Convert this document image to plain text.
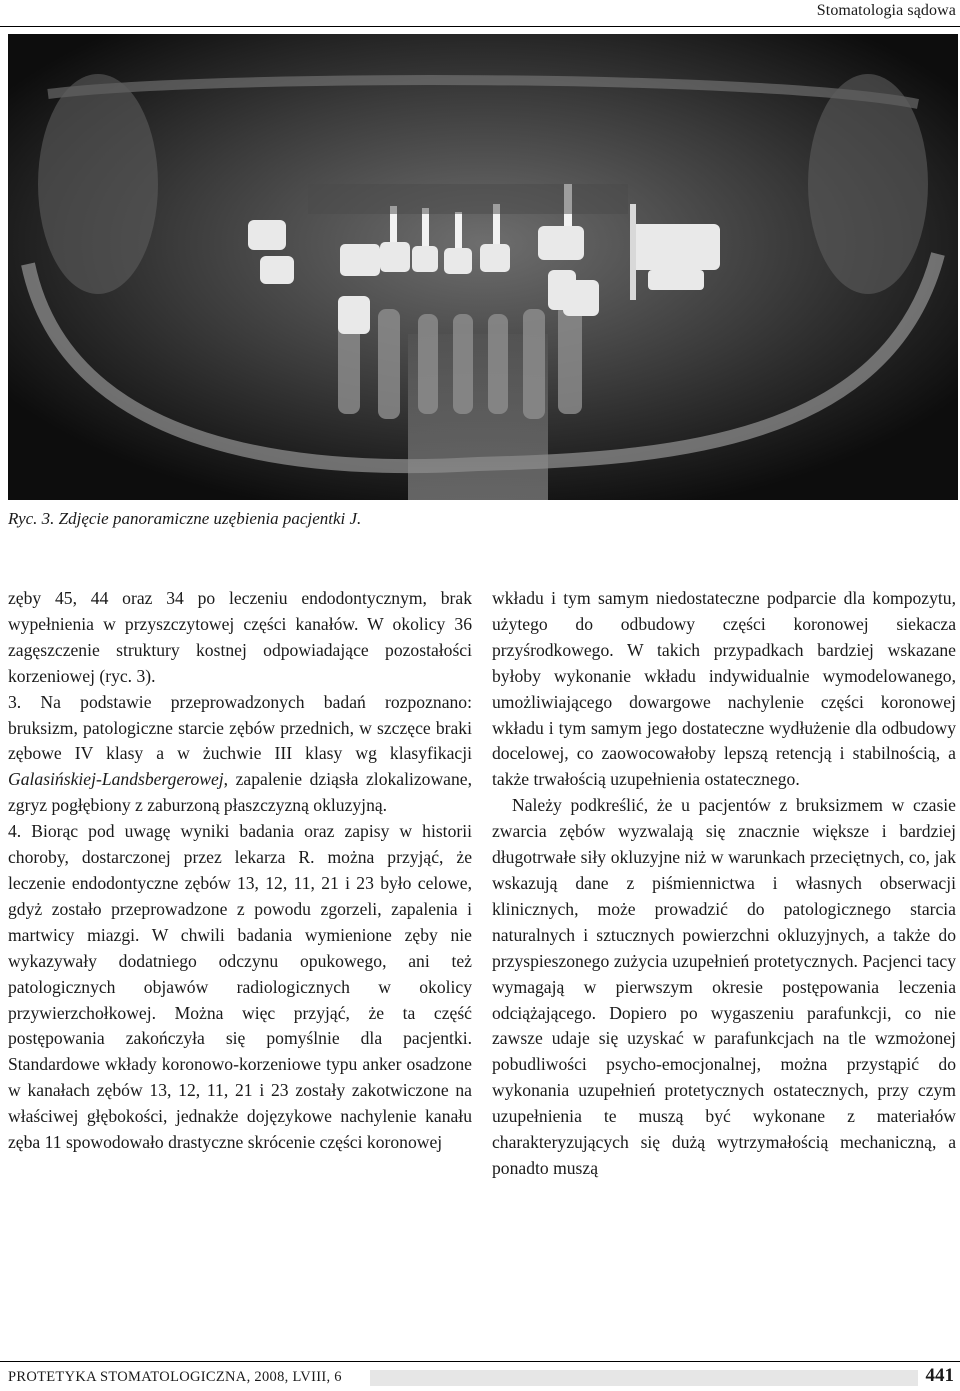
Stomatologia sądowa
Ryc. 3. Zdjęcie panoramiczne uzębienia pacjentki J.

zęby 45, 44 oraz 34 po leczeniu endodontycznym, brak wypełnienia w przyszczytowej części kanałów. W okolicy 36 zagęszczenie struktury kostnej odpowiadające pozostałości korzeniowej (ryc. 3).

3. Na podstawie przeprowadzonych badań rozpoznano: bruksizm, patologiczne starcie zębów przednich, w szczęce braki zębowe IV klasy a w żuchwie III klasy wg klasyfikacji Galasińskiej-Landsbergerowej, zapalenie dziąsła zlokalizowane, zgryz pogłębiony z zaburzoną płaszczyzną okluzyjną.

4. Biorąc pod uwagę wyniki badania oraz zapisy w historii choroby, dostarczonej przez lekarza R. można przyjąć, że leczenie endodontyczne zębów 13, 12, 11, 21 i 23 było celowe, gdyż zostało przeprowadzone z powodu zgorzeli, zapalenia i martwicy miazgi. W chwili badania wymienione zęby nie wykazywały dodatniego odczynu opukowego, ani też patologicznych objawów radiologicznych w okolicy przywierzchołkowej. Można więc przyjąć, że ta część postępowania zakończyła się pomyślnie dla pacjentki. Standardowe wkłady koronowo-korzeniowe typu anker osadzone w kanałach zębów 13, 12, 11, 21 i 23 zostały zakotwiczone na właściwej głębokości, jednakże dojęzykowe nachylenie kanału zęba 11 spowodowało drastyczne skrócenie części koronowej

wkładu i tym samym niedostateczne podparcie dla kompozytu, użytego do odbudowy części koronowej siekacza przyśrodkowego. W takich przypadkach bardziej wskazane byłoby wykonanie wkładu indywidualnie wymodelowanego, umożliwiającego dowargowe nachylenie części koronowej wkładu i tym samym jego dostateczne wydłużenie dla odbudowy docelowej, co zaowocowałoby lepszą retencją i stabilnością, a także trwałością uzupełnienia ostatecznego.

Należy podkreślić, że u pacjentów z bruksizmem w czasie zwarcia zębów wyzwalają się znacznie większe i bardziej długotrwałe siły okluzyjne niż w warunkach przeciętnych, co, jak wskazują dane z piśmiennictwa i własnych obserwacji klinicznych, może prowadzić do patologicznego starcia naturalnych i sztucznych powierzchni okluzyjnych, a także do przyspieszonego zużycia uzupełnień protetycznych. Pacjenci tacy wymagają w pierwszym okresie postępowania leczenia odciążającego. Dopiero po wygaszeniu parafunkcji, co nie zawsze udaje się uzyskać w parafunkcjach na tle wzmożonej pobudliwości psycho-emocjonalnej, można przystąpić do wykonania uzupełnień protetycznych ostatecznych, przy czym uzupełnienia te muszą być wykonane z materiałów charakteryzujących się dużą wytrzymałością mechaniczną, a ponadto muszą

PROTETYKA STOMATOLOGICZNA, 2008, LVIII, 6	441
